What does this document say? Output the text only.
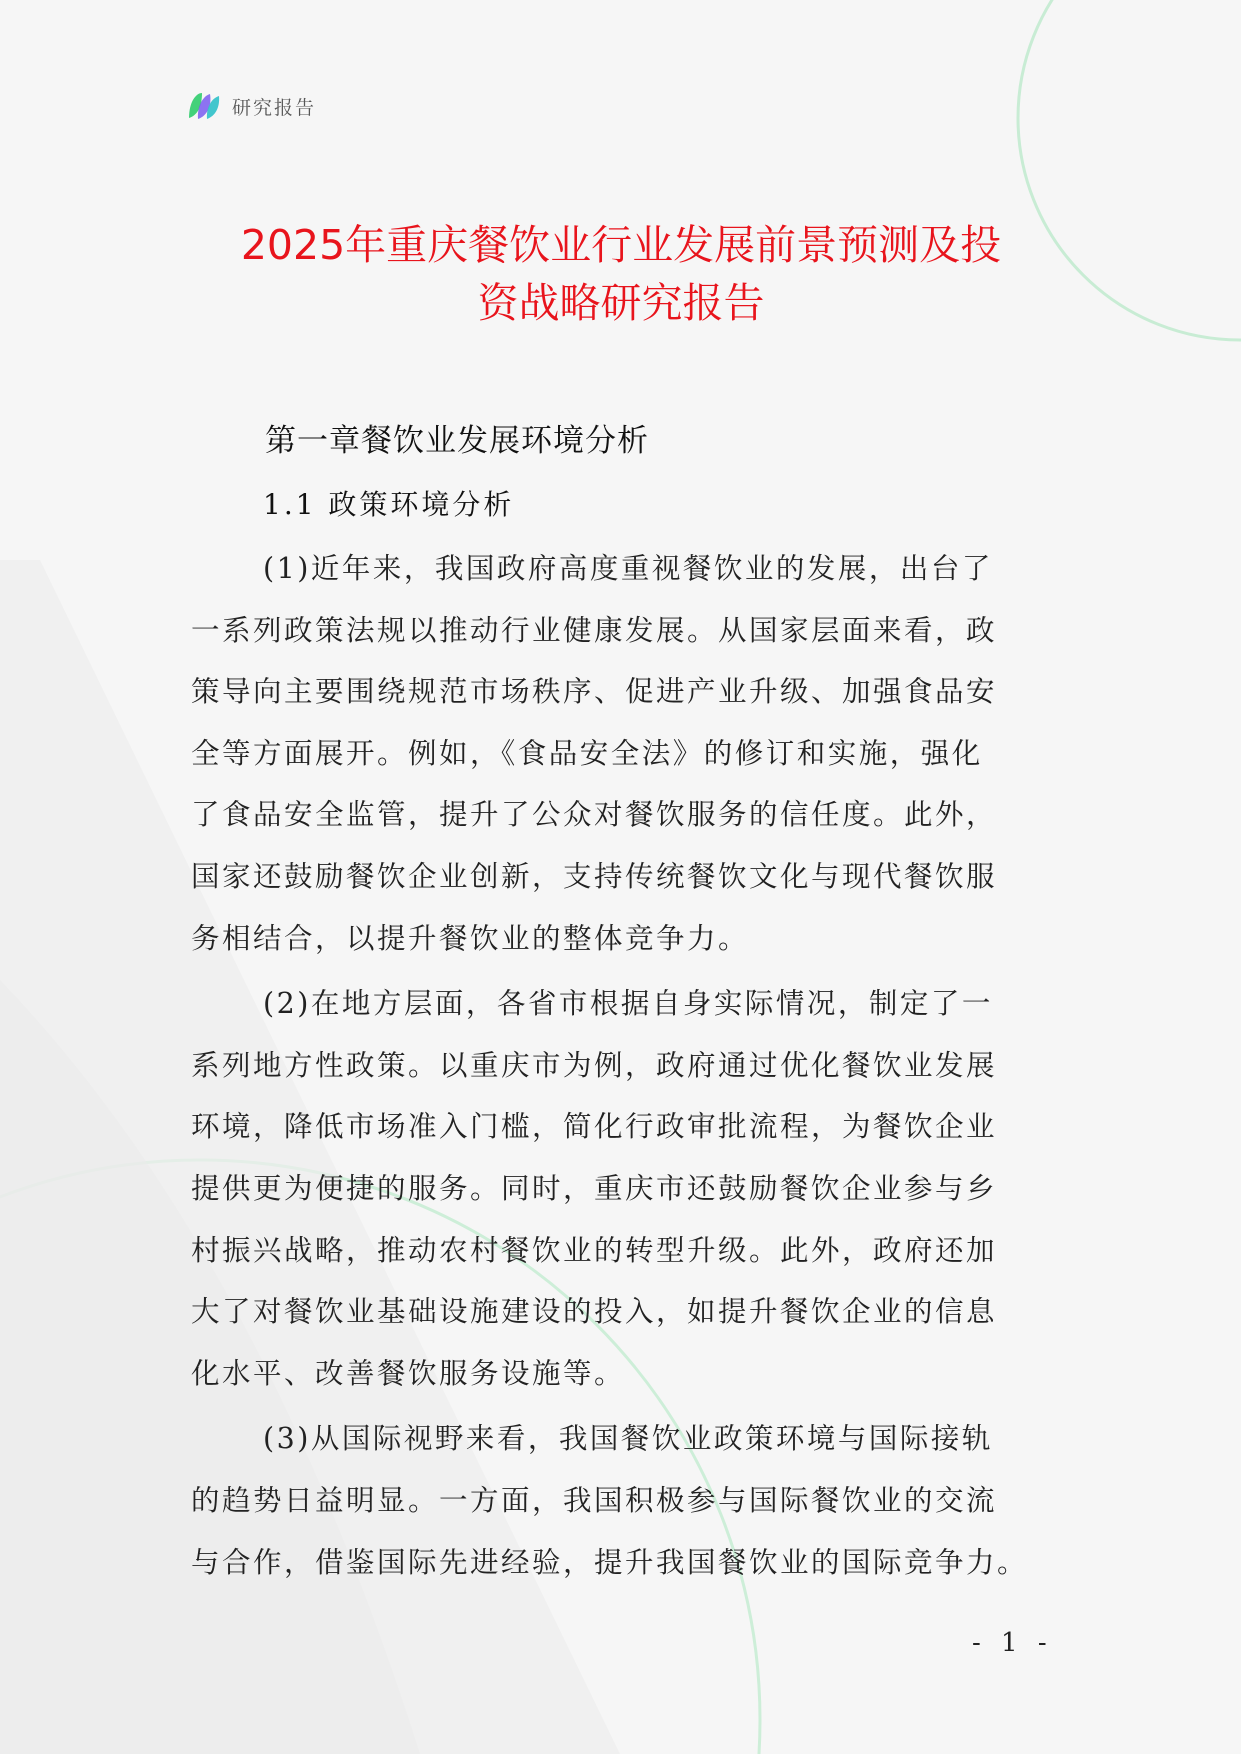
研究报告
2025年重庆餐饮业行业发展前景预测及投
资战略研究报告
第一章餐饮业发展环境分析
1.1 政策环境分析

(1)近年来，我国政府高度重视餐饮业的发展，出台了
一系列政策法规以推动行业健康发展。从国家层面来看，政
策导向主要围绕规范市场秩序、促进产业升级、加强食品安
全等方面展开。例如，《食品安全法》的修订和实施，强化
了食品安全监管，提升了公众对餐饮服务的信任度。此外，
国家还鼓励餐饮企业创新，支持传统餐饮文化与现代餐饮服
务相结合，以提升餐饮业的整体竞争力。

(2)在地方层面，各省市根据自身实际情况，制定了一
系列地方性政策。以重庆市为例，政府通过优化餐饮业发展
环境，降低市场准入门槛，简化行政审批流程，为餐饮企业
提供更为便捷的服务。同时，重庆市还鼓励餐饮企业参与乡
村振兴战略，推动农村餐饮业的转型升级。此外，政府还加
大了对餐饮业基础设施建设的投入，如提升餐饮企业的信息
化水平、改善餐饮服务设施等。

(3)从国际视野来看，我国餐饮业政策环境与国际接轨
的趋势日益明显。一方面，我国积极参与国际餐饮业的交流
与合作，借鉴国际先进经验，提升我国餐饮业的国际竞争力。

- 1 -
